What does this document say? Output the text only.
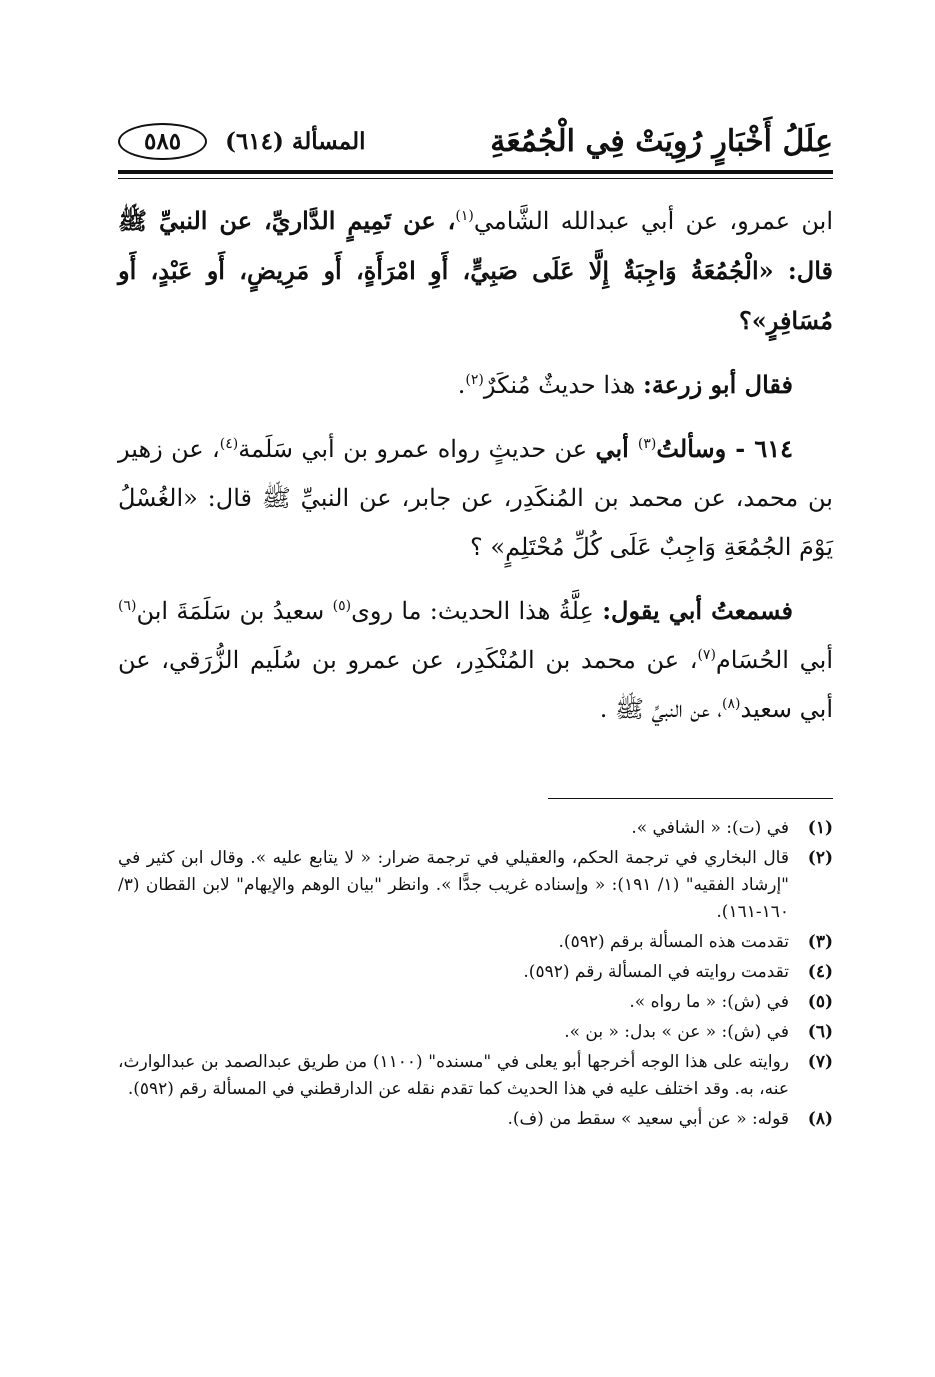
عِلَلُ أَخْبَارٍ رُوِيَتْ فِي الْجُمُعَةِ
المسألة (٦١٤)
٥٨٥

ابن عمرو، عن أبي عبدالله الشَّامي$^{(١)}$، عن تَمِيمٍ الدَّاريِّ، عن النبيِّ ﷺ قال: «الْجُمُعَةُ وَاجِبَةٌ إِلَّا عَلَى صَبِيٍّ، أَوِ امْرَأَةٍ، أَو مَرِيضٍ، أَو عَبْدٍ، أَو مُسَافِرٍ»؟

فقال أبو زرعة: هذا حديثٌ مُنكَرٌ$^{(٢)}$.

٦١٤ - وسألتُ$^{(٣)}$ أبي عن حديثٍ رواه عمرو بن أبي سَلَمة$^{(٤)}$، عن زهير بن محمد، عن محمد بن المُنكَدِر، عن جابر، عن النبيِّ ﷺ قال: «الغُسْلُ يَوْمَ الجُمُعَةِ وَاجِبٌ عَلَى كُلِّ مُحْتَلِمٍ» ؟

فسمعتُ أبي يقول: عِلَّةُ هذا الحديث: ما روى$^{(٥)}$ سعيدُ بن سَلَمَةَ ابن$^{(٦)}$ أبي الحُسَام$^{(٧)}$، عن محمد بن المُنْكَدِر، عن عمرو بن سُلَيم الزُّرَقي، عن أبي سعيد$^{(٨)}$، عن النبيِّ ﷺ .

(١)
في (ت): « الشافي ».
(٢)
قال البخاري في ترجمة الحكم، والعقيلي في ترجمة ضرار: « لا يتابع عليه ». وقال ابن كثير في "إرشاد الفقيه" (١/ ١٩١): « وإسناده غريب جدًّا ». وانظر "بيان الوهم والإيهام" لابن القطان (٣/ ١٦٠-١٦١).
(٣)
تقدمت هذه المسألة برقم (٥٩٢).
(٤)
تقدمت روايته في المسألة رقم (٥٩٢).
(٥)
في (ش): « ما رواه ».
(٦)
في (ش): « عن » بدل: « بن ».
(٧)
روايته على هذا الوجه أخرجها أبو يعلى في "مسنده" (١١٠٠) من طريق عبدالصمد بن عبدالوارث، عنه، به. وقد اختلف عليه في هذا الحديث كما تقدم نقله عن الدارقطني في المسألة رقم (٥٩٢).
(٨)
قوله: « عن أبي سعيد » سقط من (ف).
